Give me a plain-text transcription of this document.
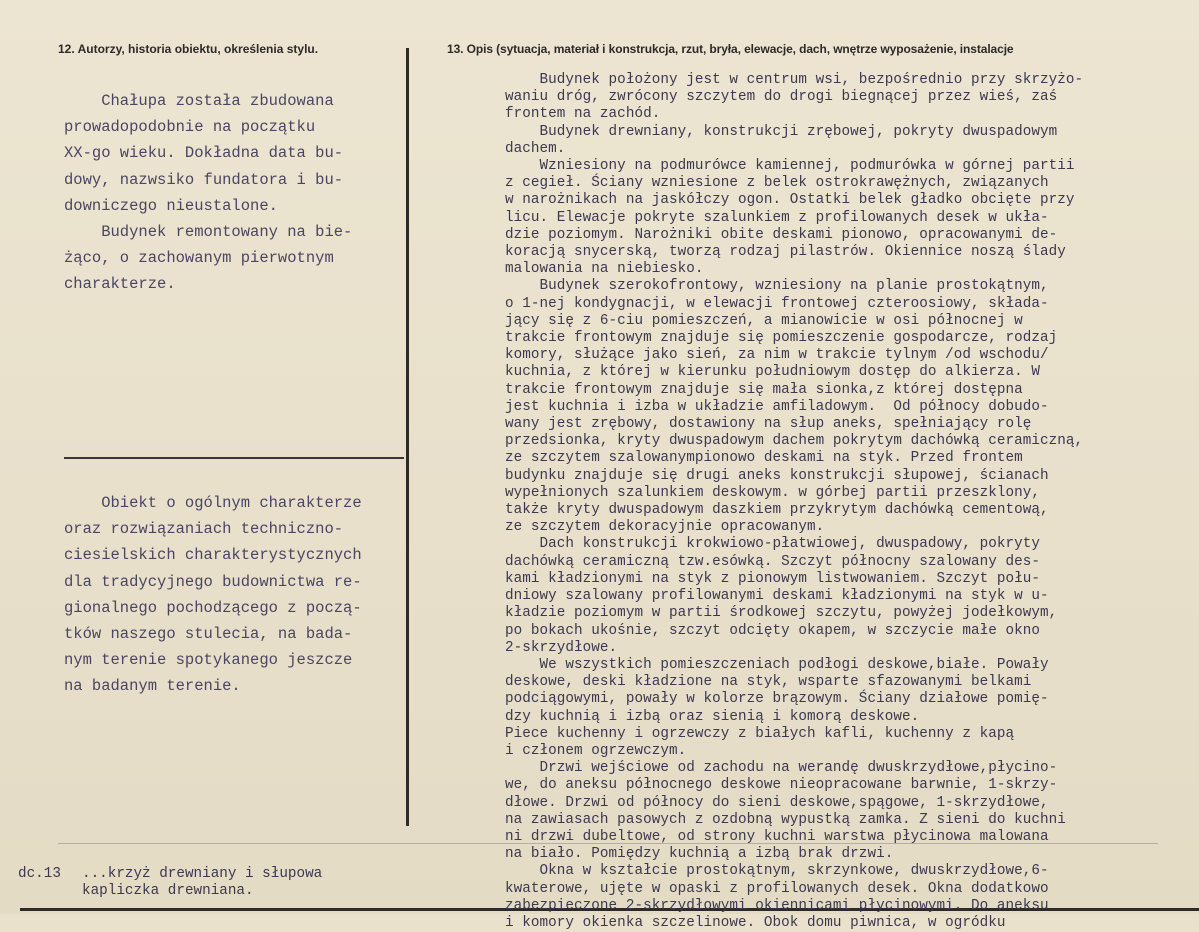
12. Autorzy, historia obiektu, określenia stylu.	13. Opis (sytuacja, materiał i konstrukcja, rzut, bryła, elewacje, dach, wnętrze wyposażenie, instalacje
Chałupa została zbudowana
prowadopodobnie na początku
XX-go wieku. Dokładna data bu-
dowy, nazwsiko fundatora i bu-
downiczego nieustalone.
Budynek remontowany na bie-
żąco, o zachowanym pierwotnym
charakterze.
Obiekt o ogólnym charakterze
oraz rozwiązaniach techniczno-
ciesielskich charakterystycznych
dla tradycyjnego budownictwa re-
gionalnego pochodzącego z począ-
tków naszego stulecia, na bada-
nym terenie spotykanego jeszcze
na badanym terenie.
Budynek położony jest w centrum wsi, bezpośrednio przy skrzyżo-
waniu dróg, zwrócony szczytem do drogi biegnącej przez wieś, zaś
frontem na zachód.
Budynek drewniany, konstrukcji zrębowej, pokryty dwuspadowym
dachem.
Wzniesiony na podmurówce kamiennej, podmurówka w górnej partii
z cegieł. Ściany wzniesione z belek ostrokrawężnych, związanych
w narożnikach na jaskółczy ogon. Ostatki belek gładko obcięte przy
licu. Elewacje pokryte szalunkiem z profilowanych desek w ukła-
dzie poziomym. Narożniki obite deskami pionowo, opracowanymi de-
koracją snycerską, tworzą rodzaj pilastrów. Okiennice noszą ślady
malowania na niebiesko.
Budynek szerokofrontowy, wzniesiony na planie prostokątnym,
o 1-nej kondygnacji, w elewacji frontowej czteroosiowy, składa-
jący się z 6-ciu pomieszczeń, a mianowicie w osi północnej w
trakcie frontowym znajduje się pomieszczenie gospodarcze, rodzaj
komory, służące jako sień, za nim w trakcie tylnym /od wschodu/
kuchnia, z której w kierunku południowym dostęp do alkierza. W
trakcie frontowym znajduje się mała sionka,z której dostępna
jest kuchnia i izba w układzie amfiladowym.  Od północy dobudo-
wany jest zrębowy, dostawiony na słup aneks, spełniający rolę
przedsionka, kryty dwuspadowym dachem pokrytym dachówką ceramiczną,
ze szczytem szalowanympionowo deskami na styk. Przed frontem
budynku znajduje się drugi aneks konstrukcji słupowej, ścianach
wypełnionych szalunkiem deskowym. w górbej partii przeszklony,
także kryty dwuspadowym daszkiem przykrytym dachówką cementową,
ze szczytem dekoracyjnie opracowanym.
Dach konstrukcji krokwiowo-płatwiowej, dwuspadowy, pokryty
dachówką ceramiczną tzw.esówką. Szczyt północny szalowany des-
kami kładzionymi na styk z pionowym listwowaniem. Szczyt połu-
dniowy szalowany profilowanymi deskami kładzionymi na styk w u-
kładzie poziomym w partii środkowej szczytu, powyżej jodełkowym,
po bokach ukośnie, szczyt odcięty okapem, w szczycie małe okno
2-skrzydłowe.
We wszystkich pomieszczeniach podłogi deskowe,białe. Powały
deskowe, deski kładzione na styk, wsparte sfazowanymi belkami
podciągowymi, powały w kolorze brązowym. Ściany działowe pomię-
dzy kuchnią i izbą oraz sienią i komorą deskowe.
Piece kuchenny i ogrzewczy z białych kafli, kuchenny z kapą
i członem ogrzewczym.
Drzwi wejściowe od zachodu na werandę dwuskrzydłowe,płycino-
we, do aneksu północnego deskowe nieopracowane barwnie, 1-skrzy-
dłowe. Drzwi od północy do sieni deskowe,spągowe, 1-skrzydłowe,
na zawiasach pasowych z ozdobną wypustką zamka. Z sieni do kuchni
ni drzwi dubeltowe, od strony kuchni warstwa płycinowa malowana
na biało. Pomiędzy kuchnią a izbą brak drzwi.
Okna w kształcie prostokątnym, skrzynkowe, dwuskrzydłowe,6-
kwaterowe, ujęte w opaski z profilowanych desek. Okna dodatkowo
zabezpieczone 2-skrzydłowymi okiennicami płycinowymi. Do aneksu
i komory okienka szczelinowe. Obok domu piwnica, w ogródku
dc.13 ...krzyż drewniany i słupowa
kapliczka drewniana.
